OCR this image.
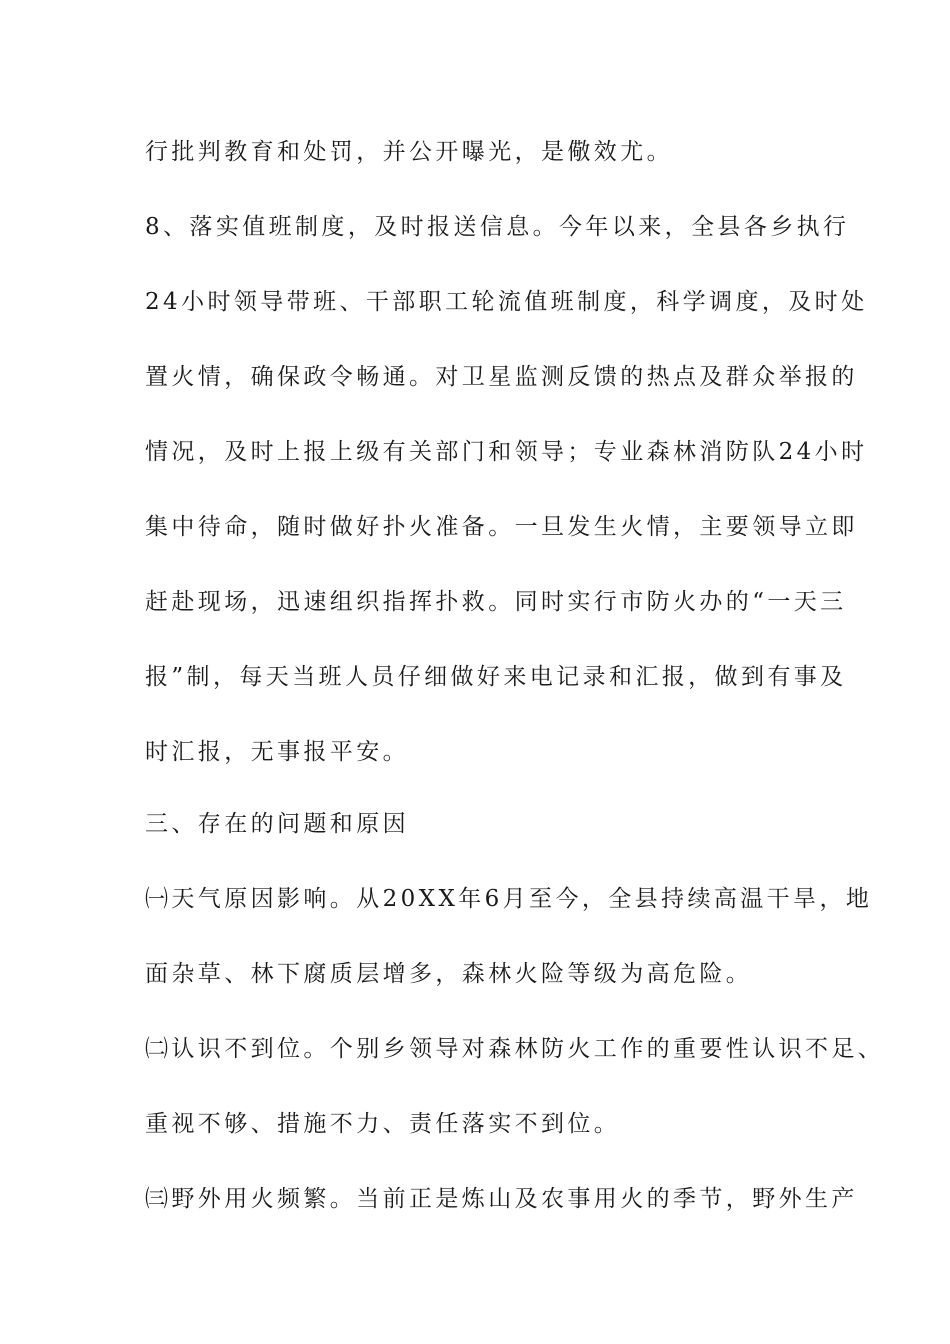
行批判教育和处罚，并公开曝光，是儆效尤。
8、落实值班制度，及时报送信息。今年以来，全县各乡执行
24小时领导带班、干部职工轮流值班制度，科学调度，及时处
置火情，确保政令畅通。对卫星监测反馈的热点及群众举报的
情况，及时上报上级有关部门和领导；专业森林消防队24小时
集中待命，随时做好扑火准备。一旦发生火情，主要领导立即
赶赴现场，迅速组织指挥扑救。同时实行市防火办的“一天三
报”制，每天当班人员仔细做好来电记录和汇报，做到有事及
时汇报，无事报平安。
三、存在的问题和原因
㈠天气原因影响。从20XX年6月至今，全县持续高温干旱，地
面杂草、林下腐质层增多，森林火险等级为高危险。
㈡认识不到位。个别乡领导对森林防火工作的重要性认识不足、
重视不够、措施不力、责任落实不到位。
㈢野外用火频繁。当前正是炼山及农事用火的季节，野外生产
